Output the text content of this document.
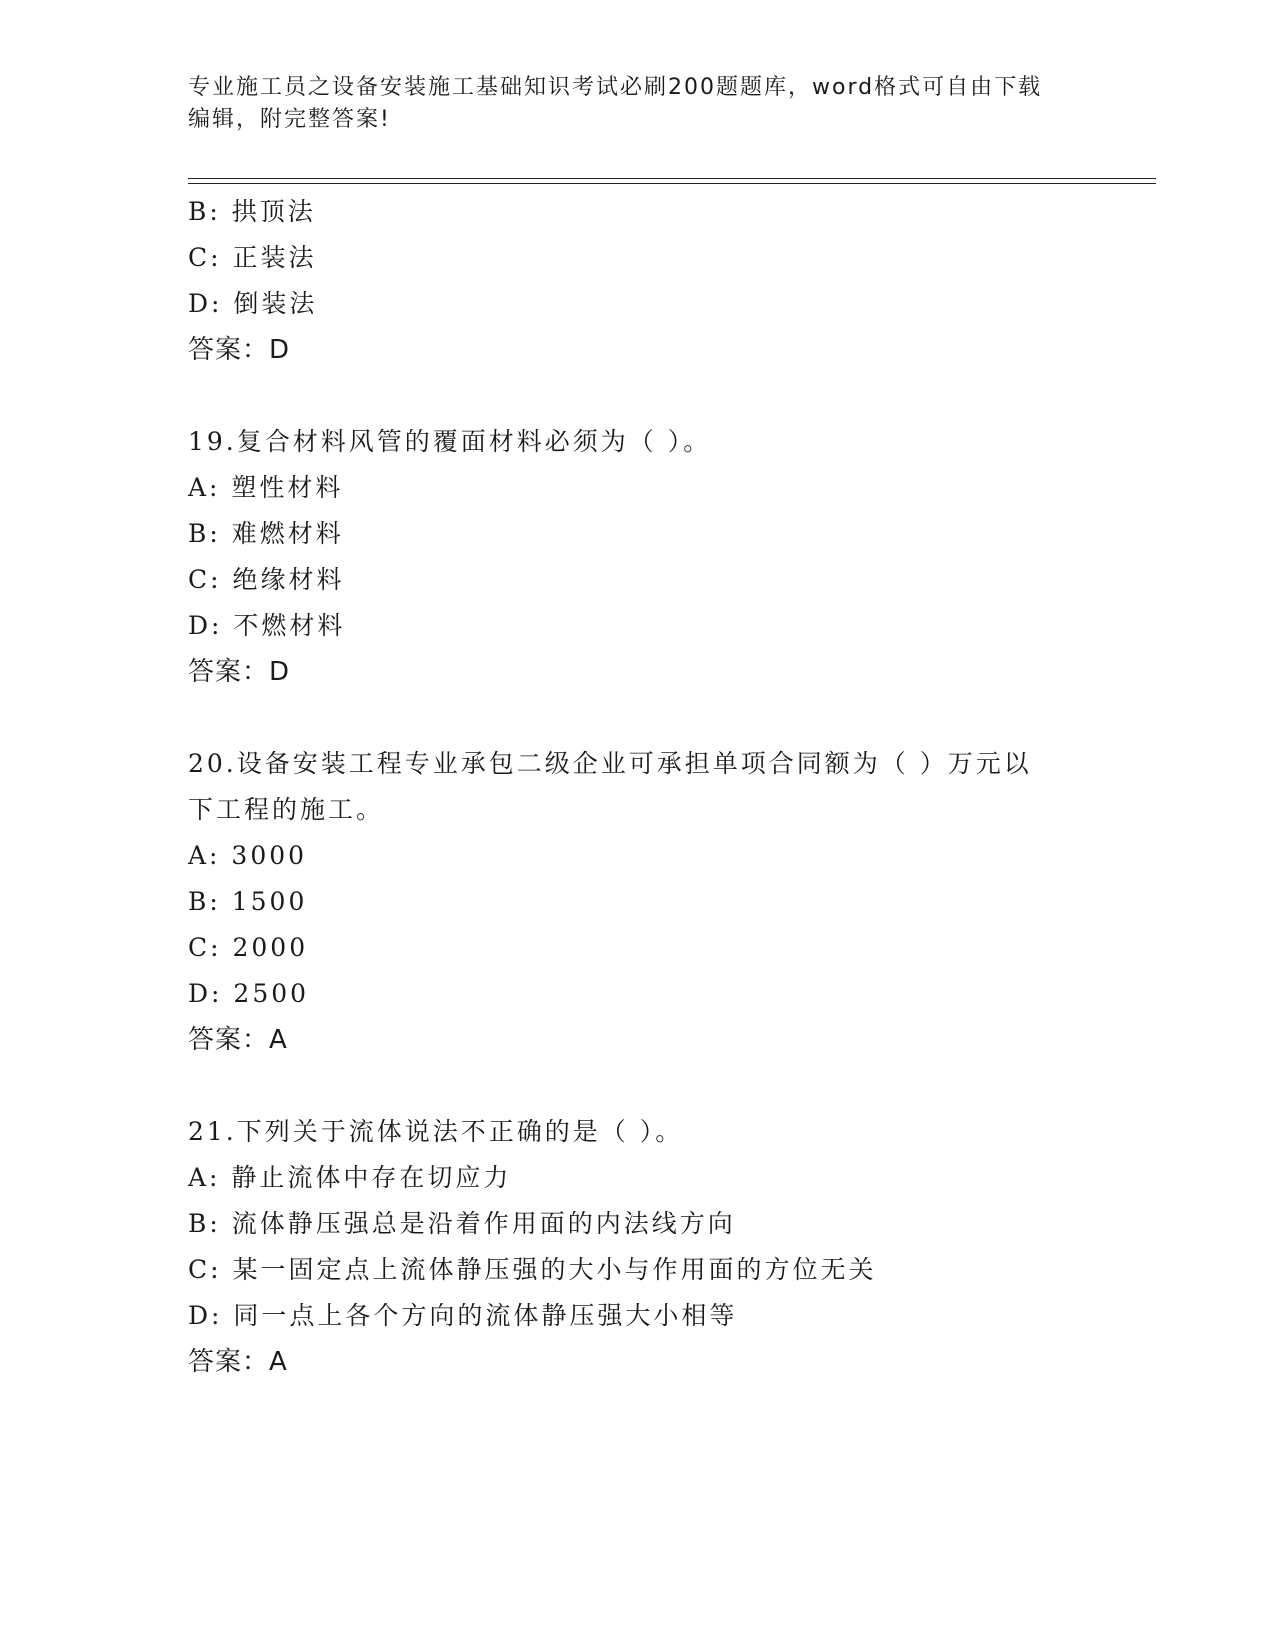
专业施工员之设备安装施工基础知识考试必刷200题题库，word格式可自由下载
编辑，附完整答案!
B: 拱顶法
C: 正装法
D: 倒装法
答案：D
19.复合材料风管的覆面材料必须为（ ）。
A: 塑性材料
B: 难燃材料
C: 绝缘材料
D: 不燃材料
答案：D
20.设备安装工程专业承包二级企业可承担单项合同额为（ ）万元以
下工程的施工。
A: 3000
B: 1500
C: 2000
D: 2500
答案：A
21.下列关于流体说法不正确的是（ ）。
A: 静止流体中存在切应力
B: 流体静压强总是沿着作用面的内法线方向
C: 某一固定点上流体静压强的大小与作用面的方位无关
D: 同一点上各个方向的流体静压强大小相等
答案：A
